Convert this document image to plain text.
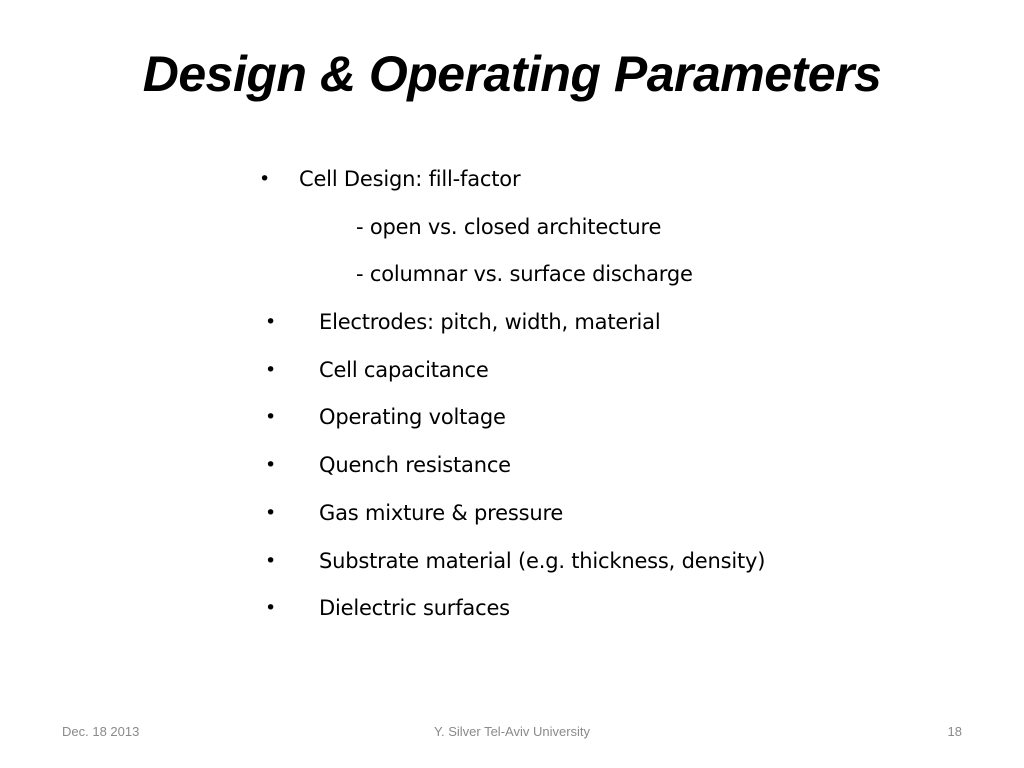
Design & Operating Parameters
• Cell Design: fill-factor
- open vs. closed architecture
- columnar vs. surface discharge
• Electrodes: pitch, width, material
• Cell capacitance
• Operating voltage
• Quench resistance
• Gas mixture & pressure
• Substrate material (e.g. thickness, density)
• Dielectric surfaces
Dec. 18 2013	Y. Silver Tel-Aviv University	18
